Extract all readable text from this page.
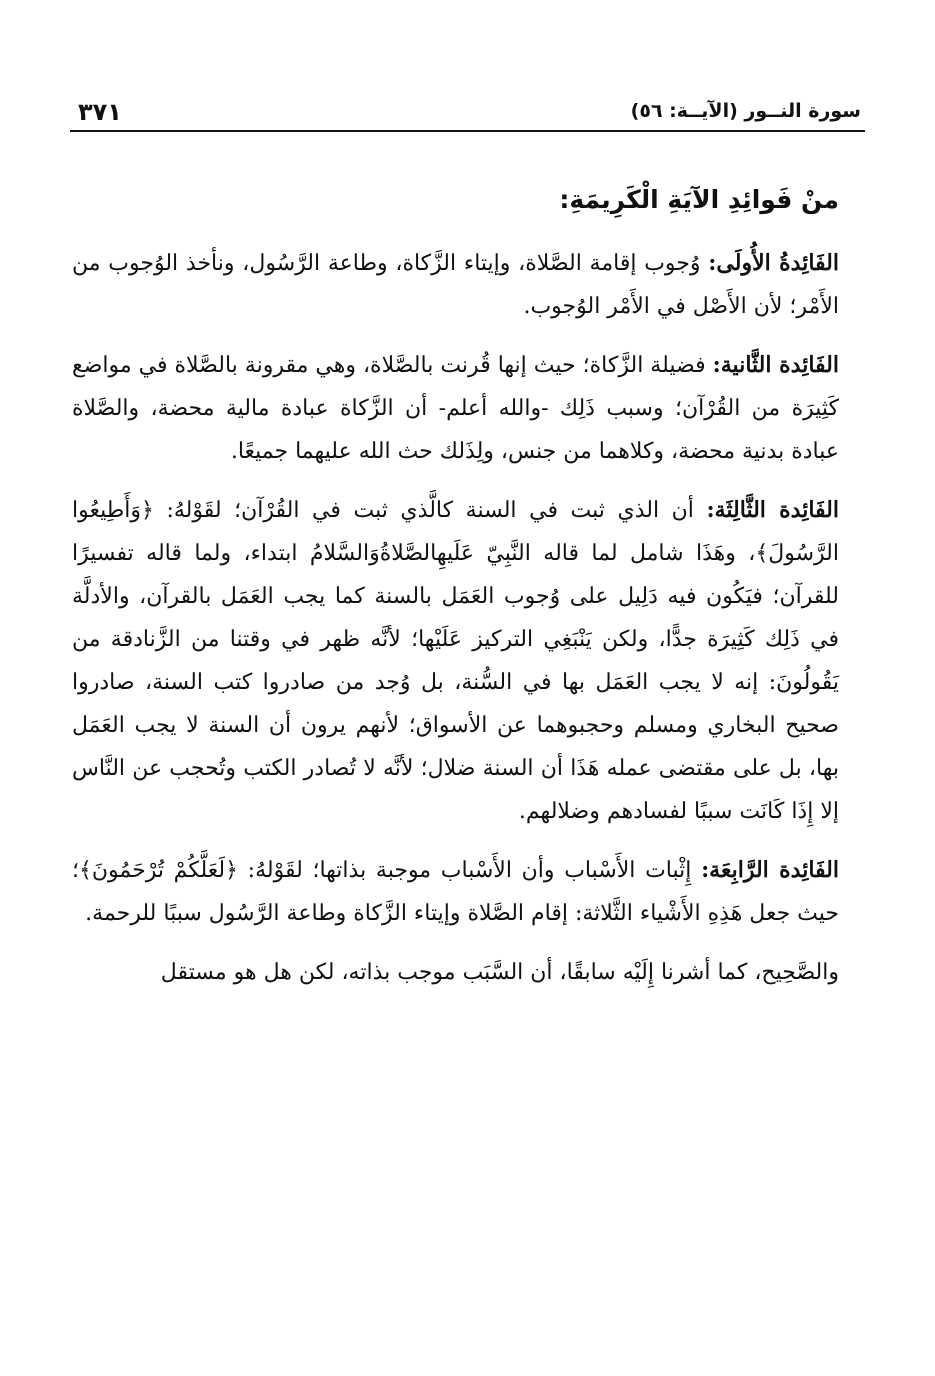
٣٧١	سورة النــور (الآيــة: ٥٦)
منْ فَوائِدِ الآيَةِ الْكَرِيمَةِ:

الفَائِدةُ الأُولَى: وُجوب إقامة الصَّلاة، وإيتاء الزَّكاة، وطاعة الرَّسُول، ونأخذ الوُجوب من الأَمْر؛ لأن الأَصْل في الأَمْر الوُجوب.

الفَائِدة الثَّانية: فضيلة الزَّكاة؛ حيث إنها قُرنت بالصَّلاة، وهي مقرونة بالصَّلاة في مواضع كَثِيرَة من القُرْآن؛ وسبب ذَلِك -والله أعلم- أن الزَّكاة عبادة مالية محضة، والصَّلاة عبادة بدنية محضة، وكلاهما من جنس، ولِذَلك حث الله عليهما جميعًا.

الفَائِدة الثَّالِثَة: أن الذي ثبت في السنة كالَّذي ثبت في القُرْآن؛ لقَوْلهُ: ﴿وَأَطِيعُوا الرَّسُولَ﴾، وهَذَا شامل لما قاله النَّبِيّ عَلَيهِالصَّلاةُوَالسَّلامُ ابتداء، ولما قاله تفسيرًا للقرآن؛ فيَكُون فيه دَلِيل على وُجوب العَمَل بالسنة كما يجب العَمَل بالقرآن، والأدلَّة في ذَلِك كَثِيرَة جدًّا، ولكن يَنْبَغِي التركيز عَلَيْها؛ لأنَّه ظهر في وقتنا من الزَّنادقة من يَقُولُونَ: إنه لا يجب العَمَل بها في السُّنة، بل وُجد من صادروا كتب السنة، صادروا صحيح البخاري ومسلم وحجبوهما عن الأسواق؛ لأنهم يرون أن السنة لا يجب العَمَل بها، بل على مقتضى عمله هَذَا أن السنة ضلال؛ لأنَّه لا تُصادر الكتب وتُحجب عن النَّاس إلا إِذَا كَانَت سببًا لفسادهم وضلالهم.

الفَائِدة الرَّابِعَة: إِثْبات الأَسْباب وأن الأَسْباب موجبة بذاتها؛ لقَوْلهُ: ﴿لَعَلَّكُمْ تُرْحَمُونَ﴾؛ حيث جعل هَذِهِ الأَشْياء الثَّلاثة: إقام الصَّلاة وإيتاء الزَّكاة وطاعة الرَّسُول سببًا للرحمة.

والصَّحِيح، كما أشرنا إِلَيْه سابقًا، أن السَّبَب موجب بذاته، لكن هل هو مستقل
